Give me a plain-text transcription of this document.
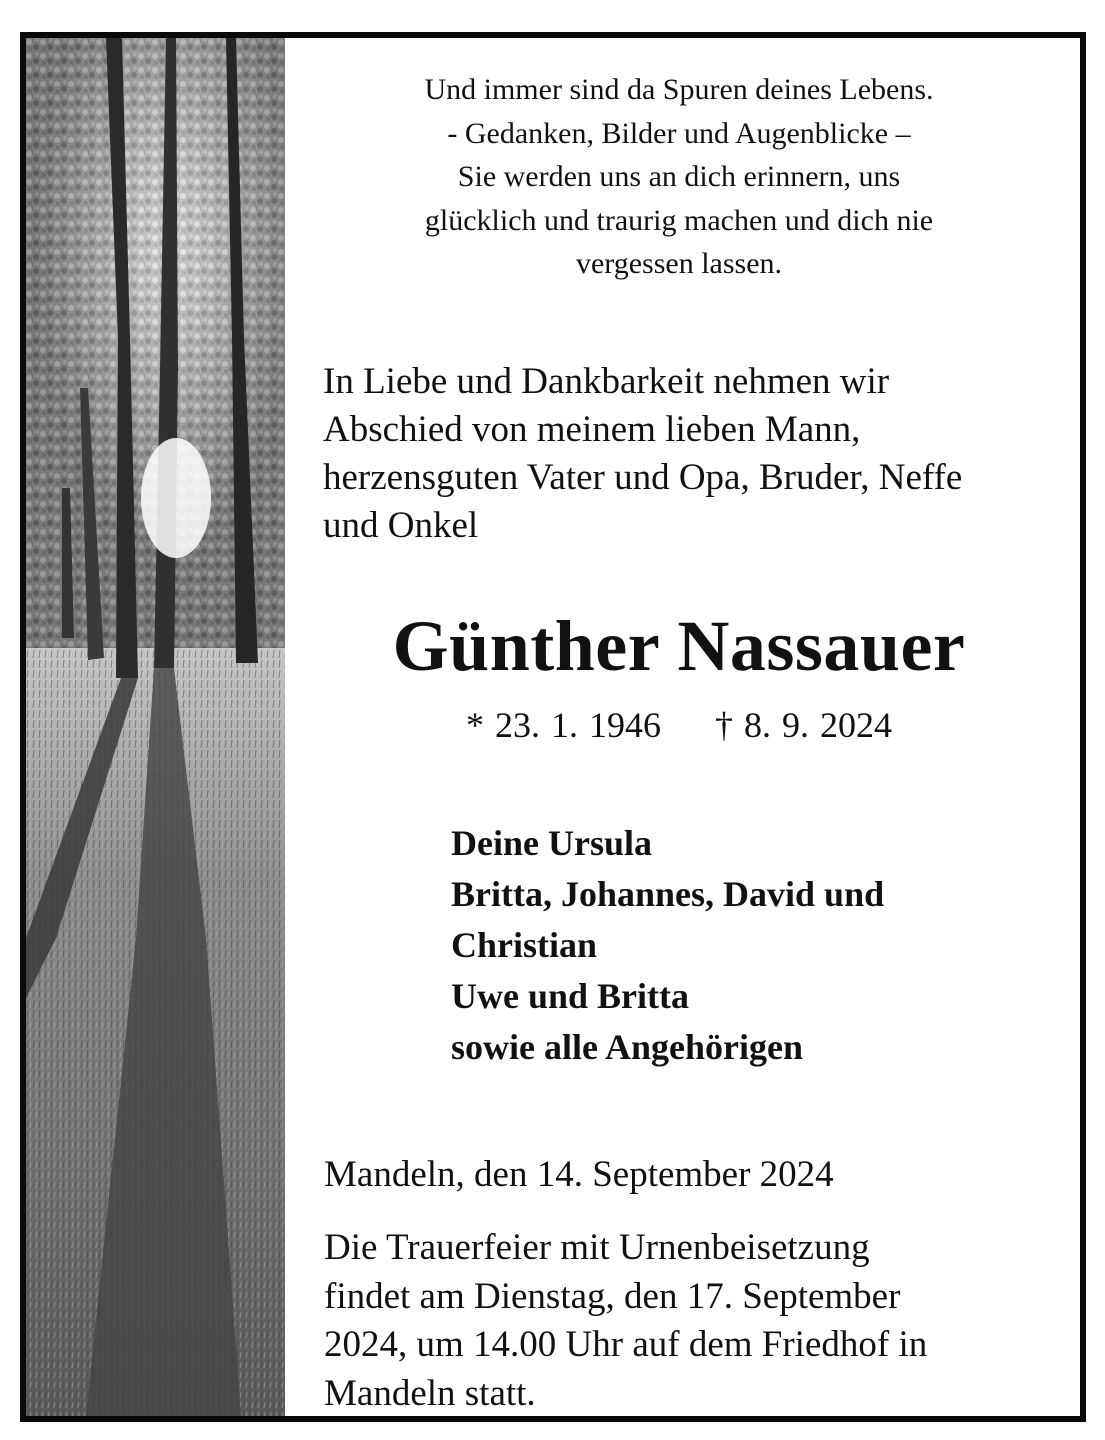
Und immer sind da Spuren deines Lebens.
- Gedanken, Bilder und Augenblicke –
Sie werden uns an dich erinnern, uns
glücklich und traurig machen und dich nie
vergessen lassen.
In Liebe und Dankbarkeit nehmen wir
Abschied von meinem lieben Mann,
herzensguten Vater und Opa, Bruder, Neffe
und Onkel
Günther Nassauer
* 23. 1. 1946 † 8. 9. 2024
Deine Ursula
Britta, Johannes, David und
Christian
Uwe und Britta
sowie alle Angehörigen
Mandeln, den 14. September 2024
Die Trauerfeier mit Urnenbeisetzung
findet am Dienstag, den 17. September
2024, um 14.00 Uhr auf dem Friedhof in
Mandeln statt.
